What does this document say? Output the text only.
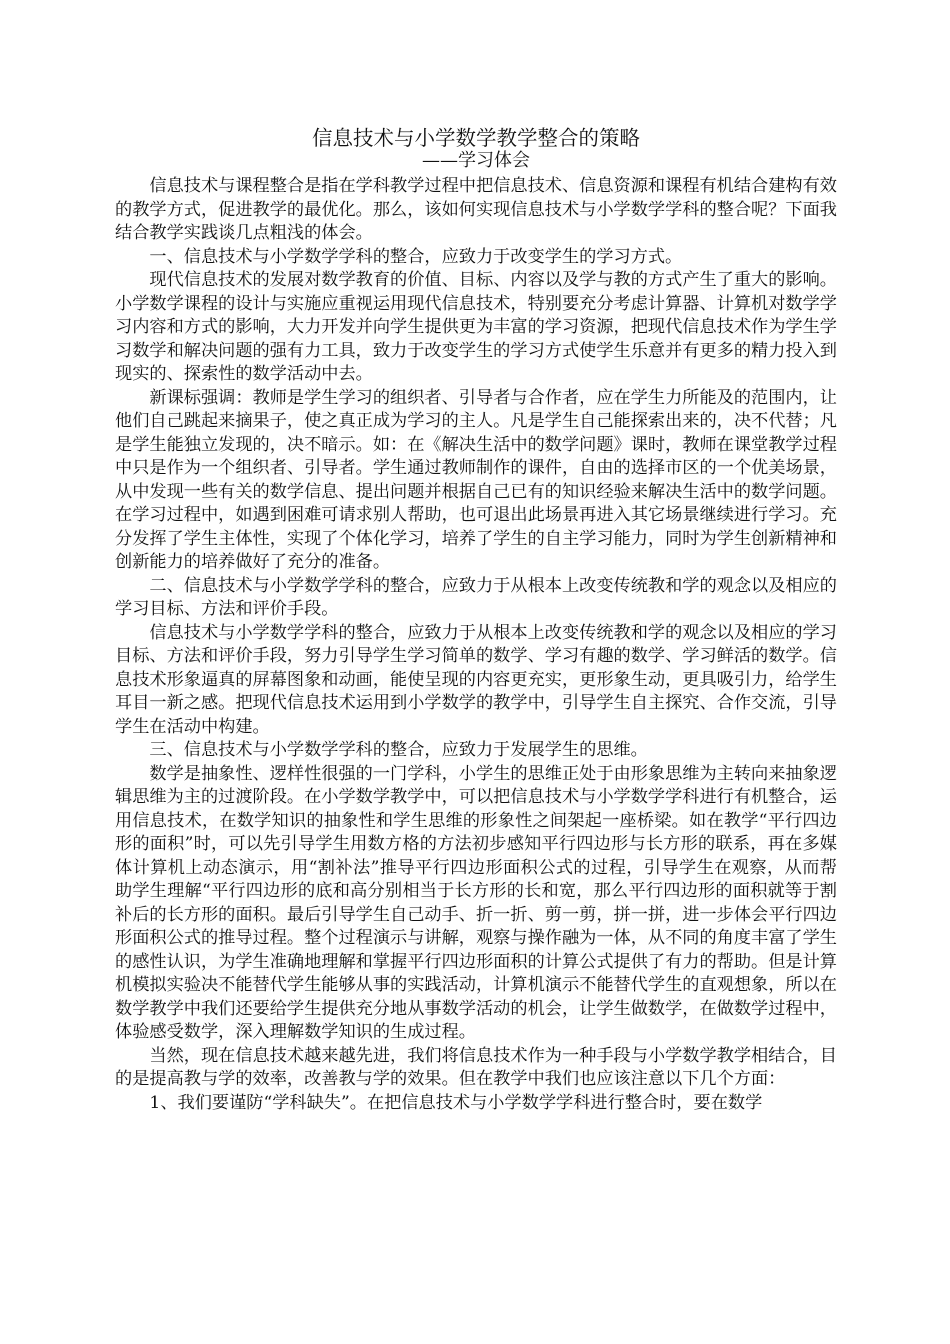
信息技术与小学数学教学整合的策略
——学习体会

信息技术与课程整合是指在学科教学过程中把信息技术、信息资源和课程有机结合建构有效的教学方式，促进教学的最优化。那么，该如何实现信息技术与小学数学学科的整合呢？下面我结合教学实践谈几点粗浅的体会。

一、信息技术与小学数学学科的整合，应致力于改变学生的学习方式。

现代信息技术的发展对数学教育的价值、目标、内容以及学与教的方式产生了重大的影响。小学数学课程的设计与实施应重视运用现代信息技术，特别要充分考虑计算器、计算机对数学学习内容和方式的影响，大力开发并向学生提供更为丰富的学习资源，把现代信息技术作为学生学习数学和解决问题的强有力工具，致力于改变学生的学习方式使学生乐意并有更多的精力投入到现实的、探索性的数学活动中去。

新课标强调：教师是学生学习的组织者、引导者与合作者，应在学生力所能及的范围内，让他们自己跳起来摘果子，使之真正成为学习的主人。凡是学生自己能探索出来的，决不代替；凡是学生能独立发现的，决不暗示。如：在《解决生活中的数学问题》课时，教师在课堂教学过程中只是作为一个组织者、引导者。学生通过教师制作的课件，自由的选择市区的一个优美场景，从中发现一些有关的数学信息、提出问题并根据自己已有的知识经验来解决生活中的数学问题。在学习过程中，如遇到困难可请求别人帮助，也可退出此场景再进入其它场景继续进行学习。充分发挥了学生主体性，实现了个体化学习，培养了学生的自主学习能力，同时为学生创新精神和创新能力的培养做好了充分的准备。

二、信息技术与小学数学学科的整合，应致力于从根本上改变传统教和学的观念以及相应的学习目标、方法和评价手段。

信息技术与小学数学学科的整合，应致力于从根本上改变传统教和学的观念以及相应的学习目标、方法和评价手段，努力引导学生学习简单的数学、学习有趣的数学、学习鲜活的数学。信息技术形象逼真的屏幕图象和动画，能使呈现的内容更充实，更形象生动，更具吸引力，给学生耳目一新之感。把现代信息技术运用到小学数学的教学中，引导学生自主探究、合作交流，引导学生在活动中构建。

三、信息技术与小学数学学科的整合，应致力于发展学生的思维。

数学是抽象性、逻样性很强的一门学科，小学生的思维正处于由形象思维为主转向来抽象逻辑思维为主的过渡阶段。在小学数学教学中，可以把信息技术与小学数学学科进行有机整合，运用信息技术，在数学知识的抽象性和学生思维的形象性之间架起一座桥梁。如在教学“平行四边形的面积”时，可以先引导学生用数方格的方法初步感知平行四边形与长方形的联系，再在多媒体计算机上动态演示，用“割补法”推导平行四边形面积公式的过程，引导学生在观察，从而帮助学生理解“平行四边形的底和高分别相当于长方形的长和宽，那么平行四边形的面积就等于割补后的长方形的面积。最后引导学生自己动手、折一折、剪一剪，拼一拼，进一步体会平行四边形面积公式的推导过程。整个过程演示与讲解，观察与操作融为一体，从不同的角度丰富了学生的感性认识，为学生准确地理解和掌握平行四边形面积的计算公式提供了有力的帮助。但是计算机模拟实验决不能替代学生能够从事的实践活动，计算机演示不能替代学生的直观想象，所以在数学教学中我们还要给学生提供充分地从事数学活动的机会，让学生做数学，在做数学过程中，体验感受数学，深入理解数学知识的生成过程。

当然，现在信息技术越来越先进，我们将信息技术作为一种手段与小学数学教学相结合，目的是提高教与学的效率，改善教与学的效果。但在教学中我们也应该注意以下几个方面：

1、我们要谨防“学科缺失”。在把信息技术与小学数学学科进行整合时，要在数学
